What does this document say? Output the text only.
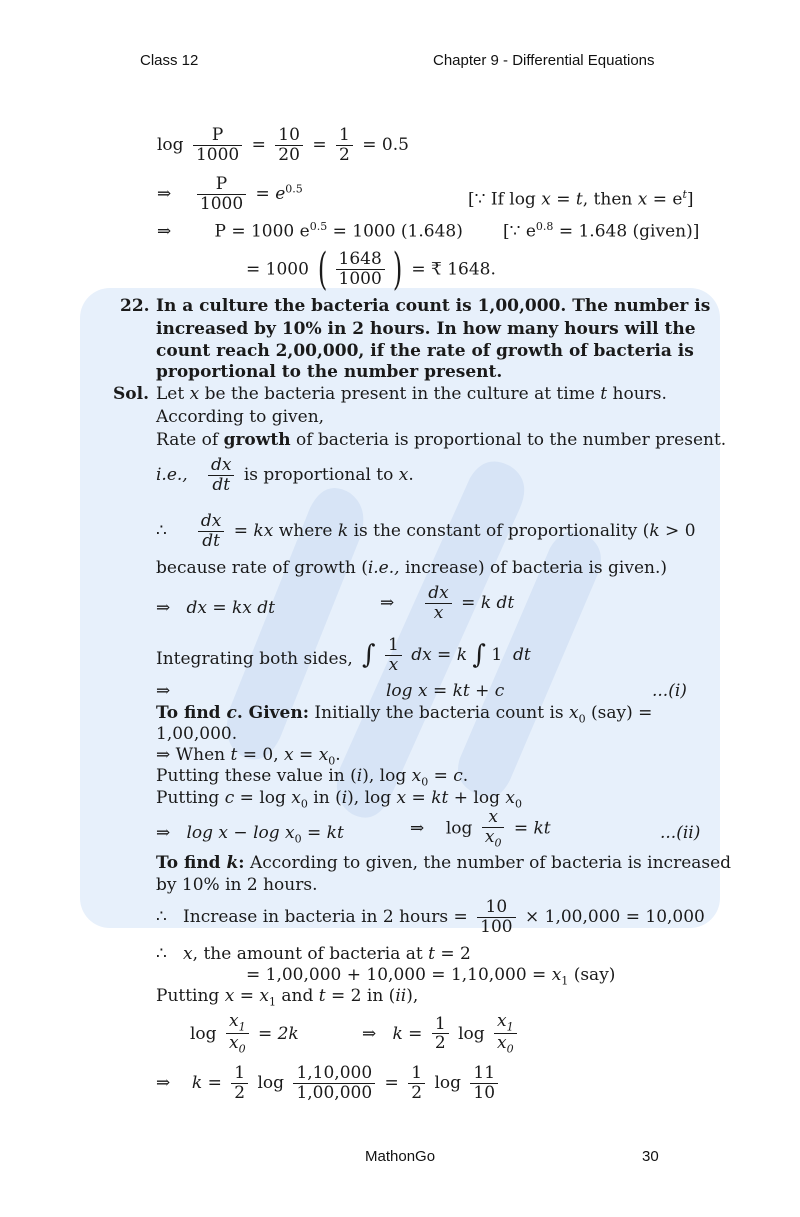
Class 12	Chapter 9 - Differential Equations
$\log \frac{P}{1000} = \frac{10}{20} = \frac{1}{2} = 0.5$
⇒ $\frac{P}{1000} = e^{0.5}$
[∵ If log x = t, then $x = e^t$]
⇒	P = 1000 $e^{0.5} = 1000$ (1.648) [∵ $e^{0.8} = 1.648$ (given)]
= 1000 ( $\frac{1648}{1000}$ ) = ₹ 1648.
22. In a culture the bacteria count is 1,00,000. The number is
increased by 10% in 2 hours. In how many hours will the
count reach 2,00,000, if the rate of growth of bacteria is
proportional to the number present.
Sol. Let x be the bacteria present in the culture at time t hours.
According to given,
Rate of growth of bacteria is proportional to the number present.
i.e., $\frac{dx}{dt}$ is proportional to x.
∴ $\frac{dx}{dt}$ = kx where k is the constant of proportionality (k > 0
because rate of growth (i.e., increase) of bacteria is given.)
⇒ dx = kx dt	⇒ $\frac{dx}{x} = k$ dt
Integrating both sides, ∫ $\frac{1}{x}$ dx = k ∫ 1 dt
⇒	log x = kt + c	...(i)
To find c. Given: Initially the bacteria count is $x_0$ (say) =
1,00,000.
⇒ When t = 0, $x = x_0$.
Putting these value in (i), $\log x_0 = c$.
Putting $c = \log x_0$ in (i), log x = kt + $\log x_0$
⇒ $\log x - \log x_0$ = kt	⇒ $\log \frac{x}{x_0}$ = kt	...(ii)
To find k: According to given, the number of bacteria is increased
by 10% in 2 hours.
∴ Increase in bacteria in 2 hours = $\frac{10}{100} \times 1,00,000 = 10,000$
∴ x, the amount of bacteria at t = 2
= $1,00,000 + 10,000 = 1,10,000 = x_1$ (say)
Putting $x = x_1$ and t = 2 in (ii),
$\log \frac{x_1}{x_0} = 2k$	⇒ $k = \frac{1}{2}$ $\log \frac{x_1}{x_0}$
⇒ $k = \frac{1}{2}$ $\log \frac{1,10,000}{1,00,000} = \frac{1}{2}$ $\log \frac{11}{10}$
MathonGo	30
